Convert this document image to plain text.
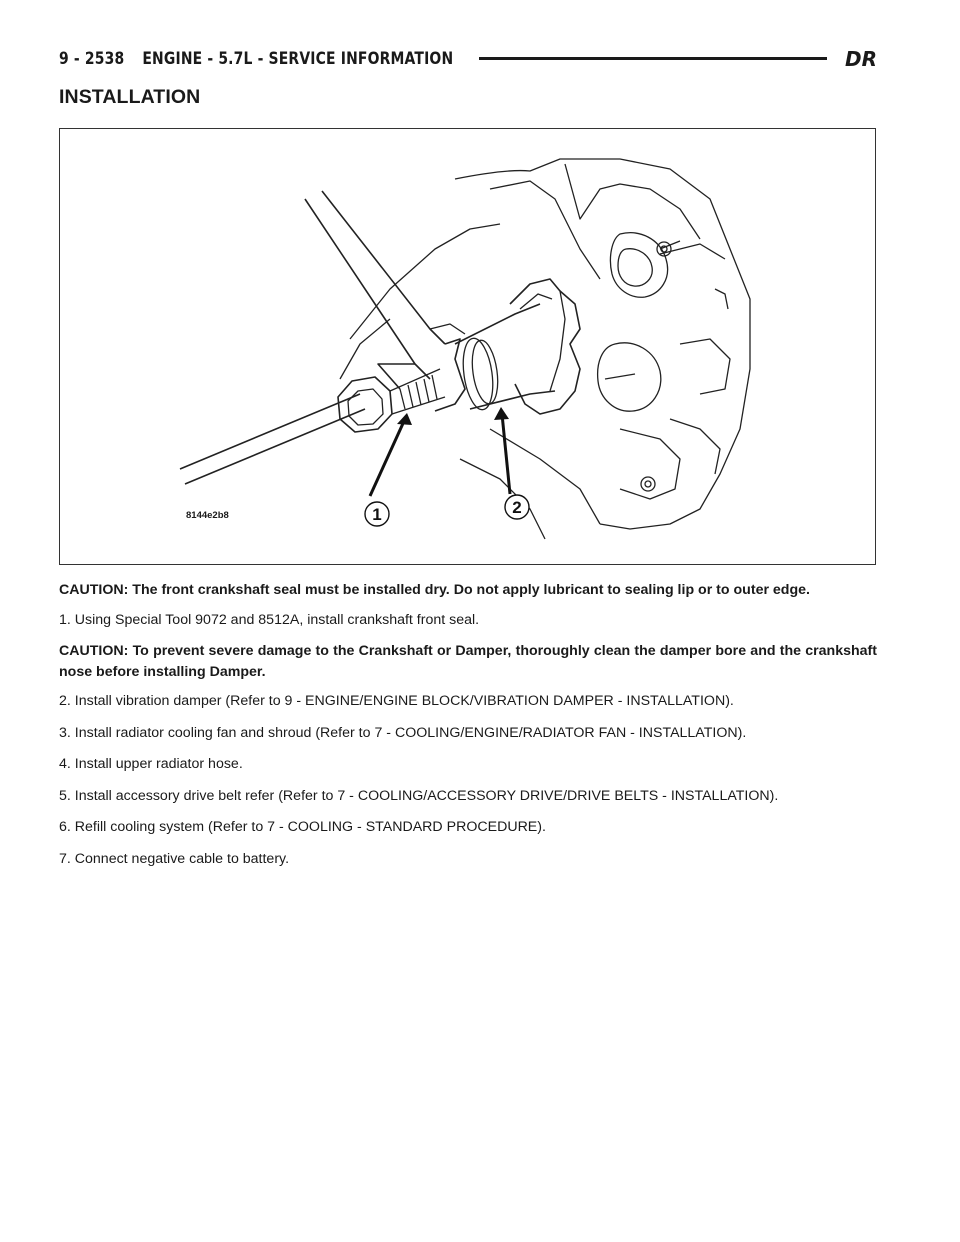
9 - 2538 ENGINE - 5.7L - SERVICE INFORMATION	DR
INSTALLATION
1	2
8144e2b8

CAUTION: The front crankshaft seal must be installed dry. Do not apply lubricant to sealing lip or to outer edge.

1. Using Special Tool 9072 and 8512A, install crankshaft front seal.

CAUTION: To prevent severe damage to the Crankshaft or Damper, thoroughly clean the damper bore and the crankshaft nose before installing Damper.

2. Install vibration damper (Refer to 9 - ENGINE/ENGINE BLOCK/VIBRATION DAMPER - INSTALLATION).

3. Install radiator cooling fan and shroud (Refer to 7 - COOLING/ENGINE/RADIATOR FAN - INSTALLATION).

4. Install upper radiator hose.

5. Install accessory drive belt refer (Refer to 7 - COOLING/ACCESSORY DRIVE/DRIVE BELTS - INSTALLATION).

6. Refill cooling system (Refer to 7 - COOLING - STANDARD PROCEDURE).

7. Connect negative cable to battery.
